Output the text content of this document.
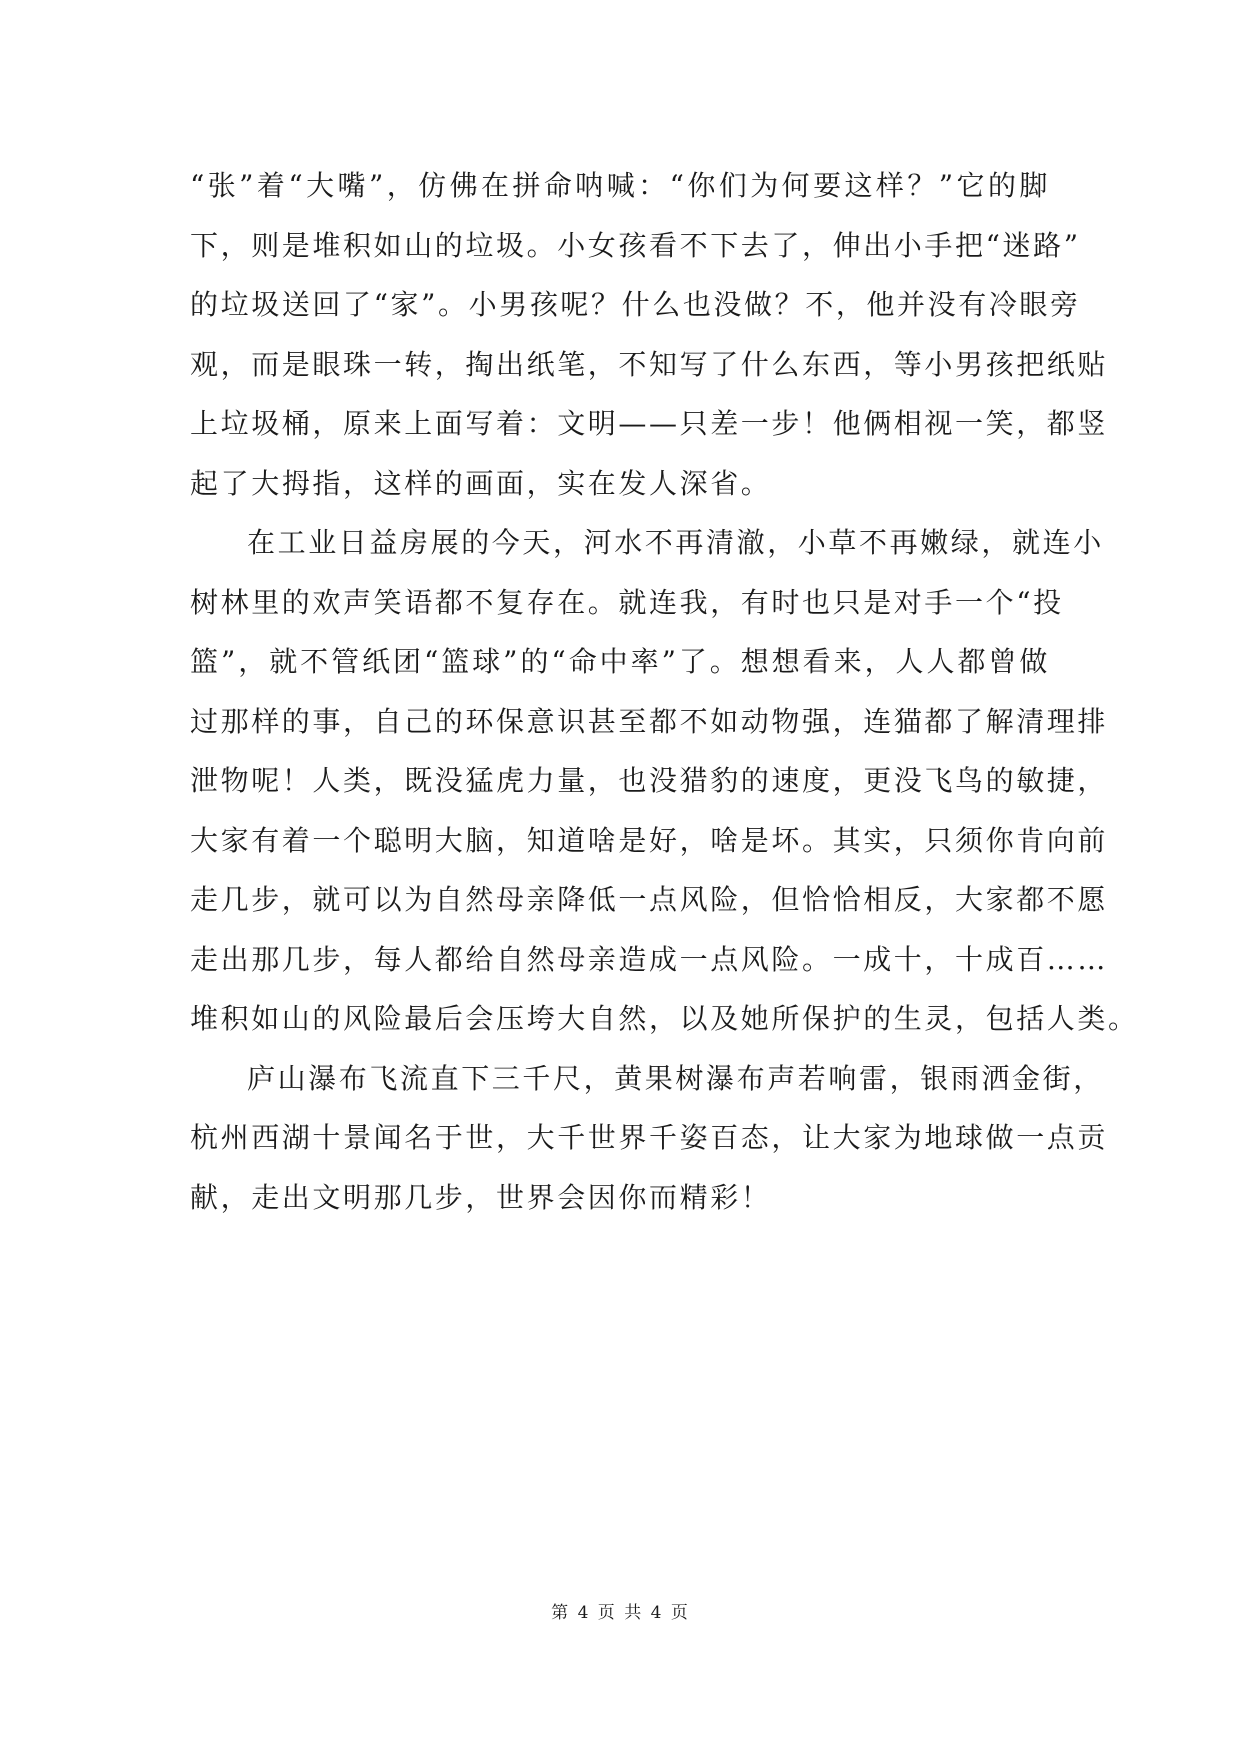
“张”着“大嘴”，仿佛在拼命呐喊：“你们为何要这样？”它的脚
下，则是堆积如山的垃圾。小女孩看不下去了，伸出小手把“迷路”
的垃圾送回了“家”。小男孩呢？什么也没做？不，他并没有冷眼旁
观，而是眼珠一转，掏出纸笔，不知写了什么东西，等小男孩把纸贴
上垃圾桶，原来上面写着：文明——只差一步！他俩相视一笑，都竖
起了大拇指，这样的画面，实在发人深省。
在工业日益房展的今天，河水不再清澈，小草不再嫩绿，就连小
树林里的欢声笑语都不复存在。就连我，有时也只是对手一个“投
篮”，就不管纸团“篮球”的“命中率”了。想想看来，人人都曾做
过那样的事，自己的环保意识甚至都不如动物强，连猫都了解清理排
泄物呢！人类，既没猛虎力量，也没猎豹的速度，更没飞鸟的敏捷，
大家有着一个聪明大脑，知道啥是好，啥是坏。其实，只须你肯向前
走几步，就可以为自然母亲降低一点风险，但恰恰相反，大家都不愿
走出那几步，每人都给自然母亲造成一点风险。一成十，十成百……
堆积如山的风险最后会压垮大自然，以及她所保护的生灵，包括人类。
庐山瀑布飞流直下三千尺，黄果树瀑布声若响雷，银雨洒金街，
杭州西湖十景闻名于世，大千世界千姿百态，让大家为地球做一点贡
献，走出文明那几步，世界会因你而精彩！
第 4 页 共 4 页
